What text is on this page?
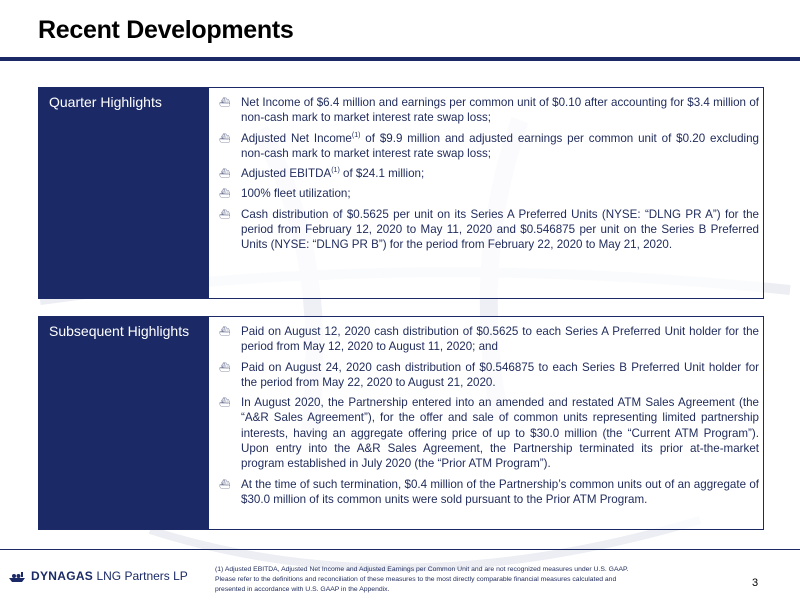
Recent Developments
Quarter Highlights	⛴ Net Income of $6.4 million and earnings per common unit of $0.10 after accounting for $3.4 million of non-cash mark to market interest rate swap loss;
⛴ Adjusted Net Income$^{(1)}$ of $9.9 million and adjusted earnings per common unit of $0.20 excluding non-cash mark to market interest rate swap loss;
⛴ Adjusted EBITDA$^{(1)}$ of $24.1 million;
⛴ 100% fleet utilization;
⛴ Cash distribution of $0.5625 per unit on its Series A Preferred Units (NYSE: “DLNG PR A”) for the period from February 12, 2020 to May 11, 2020 and $0.546875 per unit on the Series B Preferred Units (NYSE: “DLNG PR B”) for the period from February 22, 2020 to May 21, 2020.
Subsequent Highlights	⛴ Paid on August 12, 2020 cash distribution of $0.5625 to each Series A Preferred Unit holder for the period from May 12, 2020 to August 11, 2020; and
⛴ Paid on August 24, 2020 cash distribution of $0.546875 to each Series B Preferred Unit holder for the period from May 22, 2020 to August 21, 2020.
⛴ In August 2020, the Partnership entered into an amended and restated ATM Sales Agreement (the “A&R Sales Agreement”), for the offer and sale of common units representing limited partnership interests, having an aggregate offering price of up to $30.0 million (the “Current ATM Program”). Upon entry into the A&R Sales Agreement, the Partnership terminated its prior at-the-market program established in July 2020 (the “Prior ATM Program”).
⛴ At the time of such termination, $0.4 million of the Partnership’s common units out of an aggregate of $30.0 million of its common units were sold pursuant to the Prior ATM Program.
DYNAGAS LNG Partners LP	(1) Adjusted EBITDA, Adjusted Net Income and Adjusted Earnings per Common Unit and are not recognized measures under U.S. GAAP.
Please refer to the definitions and reconciliation of these measures to the most directly comparable financial measures calculated and
presented in accordance with U.S. GAAP in the Appendix.
3
